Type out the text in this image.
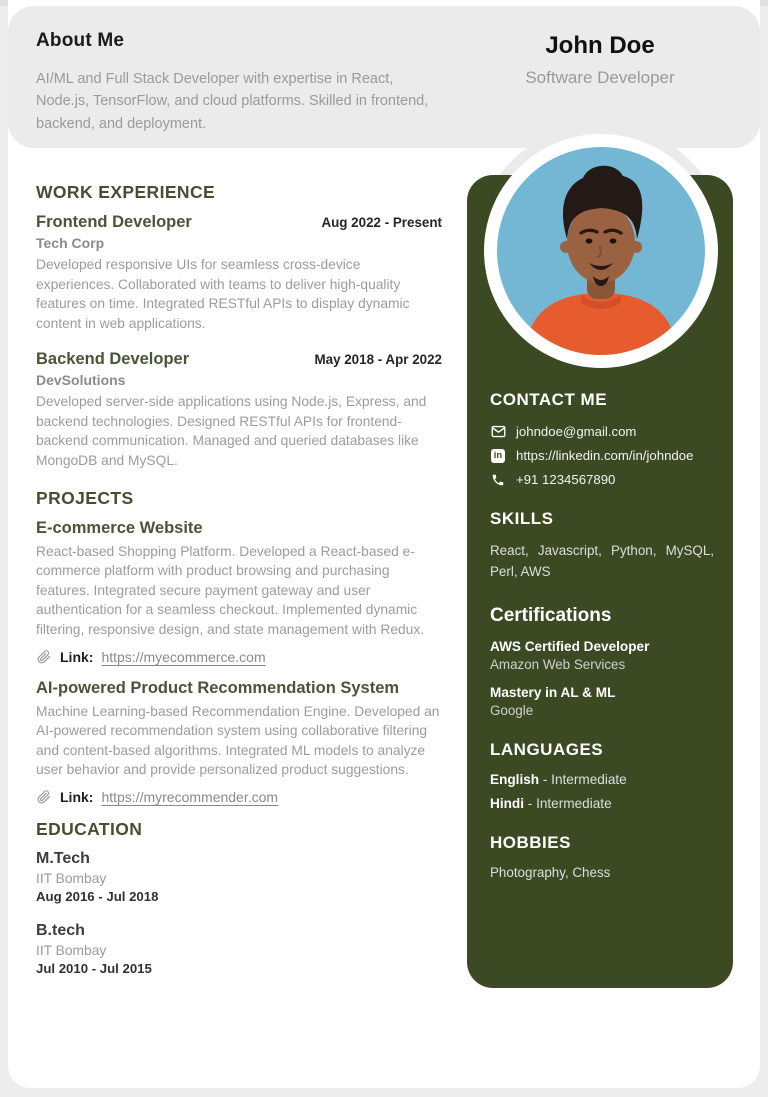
About Me

AI/ML and Full Stack Developer with expertise in React, Node.js, TensorFlow, and cloud platforms. Skilled in frontend, backend, and deployment.

John Doe
Software Developer
WORK EXPERIENCE
Frontend Developer	Aug 2022 - Present
Tech Corp
Developed responsive UIs for seamless cross-device experiences. Collaborated with teams to deliver high-quality features on time. Integrated RESTful APIs to display dynamic content in web applications.
Backend Developer	May 2018 - Apr 2022
DevSolutions
Developed server-side applications using Node.js, Express, and backend technologies. Designed RESTful APIs for frontend-backend communication. Managed and queried databases like MongoDB and MySQL.
PROJECTS
E-commerce Website
React-based Shopping Platform. Developed a React-based e-commerce platform with product browsing and purchasing features. Integrated secure payment gateway and user authentication for a seamless checkout. Implemented dynamic filtering, responsive design, and state management with Redux.
Link: https://myecommerce.com
AI-powered Product Recommendation System
Machine Learning-based Recommendation Engine. Developed an AI-powered recommendation system using collaborative filtering and content-based algorithms. Integrated ML models to analyze user behavior and provide personalized product suggestions.
Link: https://myrecommender.com
EDUCATION
M.Tech
IIT Bombay
Aug 2016 - Jul 2018
B.tech
IIT Bombay
Jul 2010 - Jul 2015
CONTACT ME
johndoe@gmail.com
in https://linkedin.com/in/johndoe
+91 1234567890
SKILLS
React, Javascript, Python, MySQL, Perl, AWS
Certifications
AWS Certified Developer
Amazon Web Services
Mastery in AL & ML
Google
LANGUAGES
English - Intermediate
Hindi - Intermediate
HOBBIES
Photography, Chess
